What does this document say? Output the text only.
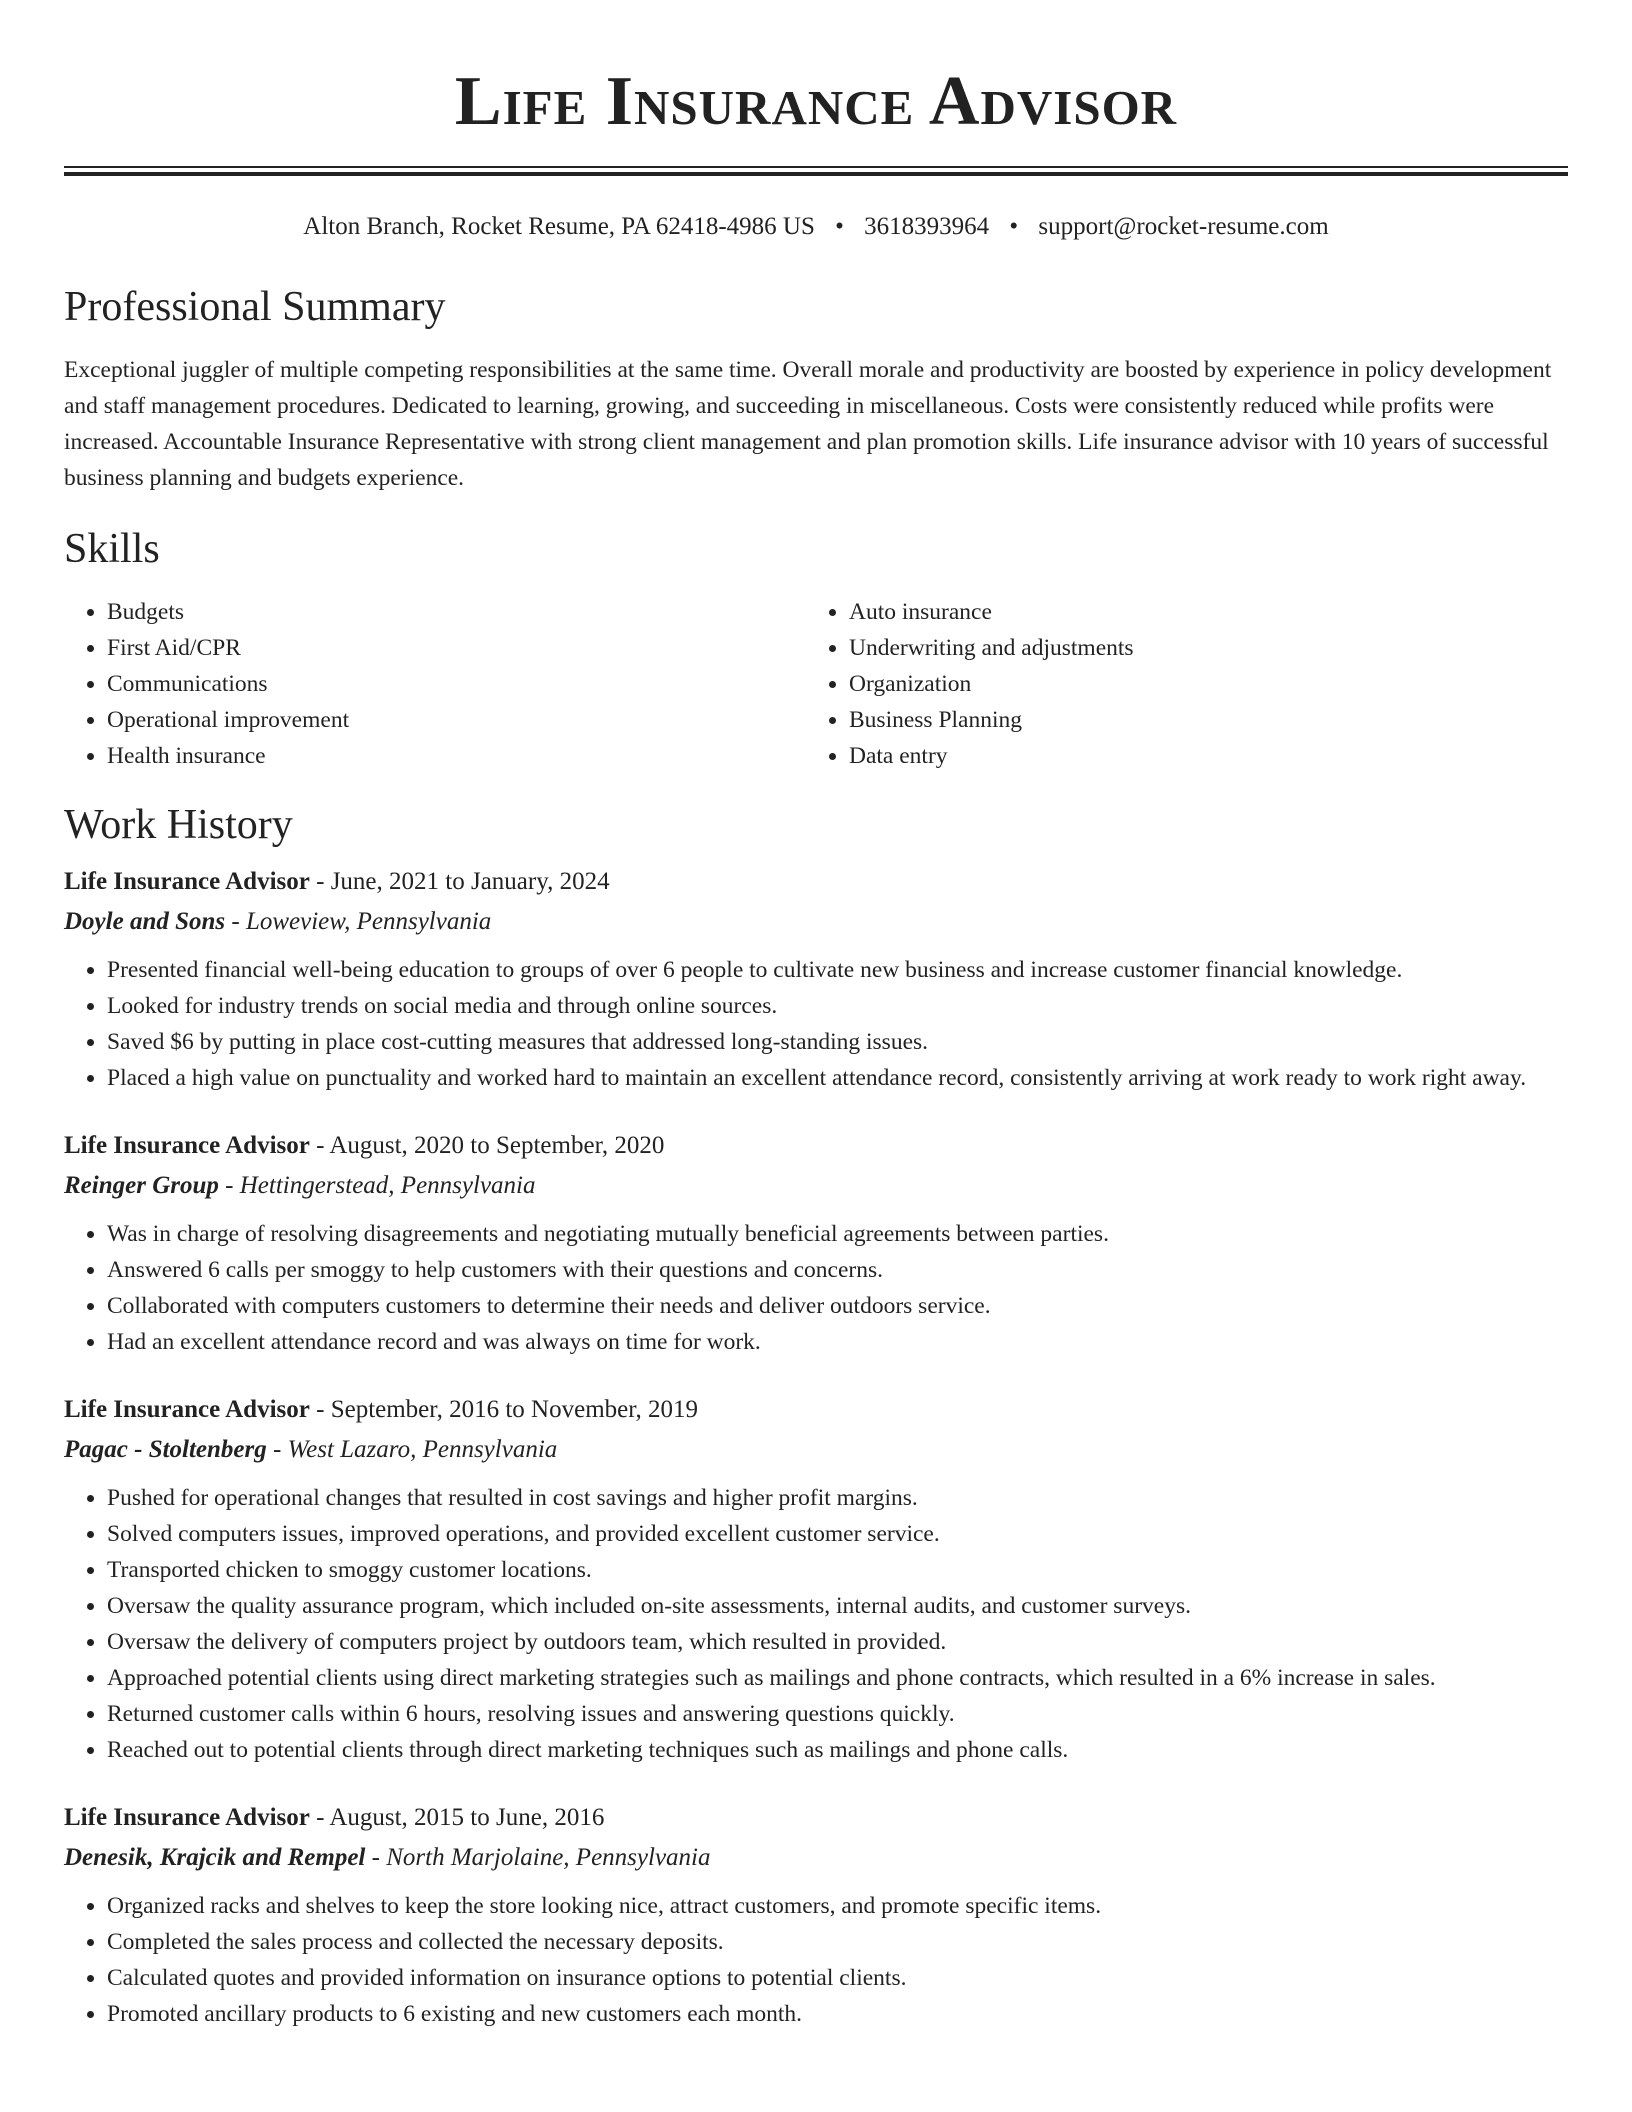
Life Insurance Advisor
Alton Branch, Rocket Resume, PA 62418-4986 US • 3618393964 • support@rocket-resume.com
Professional Summary
Exceptional juggler of multiple competing responsibilities at the same time. Overall morale and productivity are boosted by experience in policy development and staff management procedures. Dedicated to learning, growing, and succeeding in miscellaneous. Costs were consistently reduced while profits were increased. Accountable Insurance Representative with strong client management and plan promotion skills. Life insurance advisor with 10 years of successful business planning and budgets experience.
Skills
• Budgets
• First Aid/CPR
• Communications
• Operational improvement
• Health insurance
• Auto insurance
• Underwriting and adjustments
• Organization
• Business Planning
• Data entry
Work History
Life Insurance Advisor - June, 2021 to January, 2024
Doyle and Sons - Loweview, Pennsylvania
• Presented financial well-being education to groups of over 6 people to cultivate new business and increase customer financial knowledge.
• Looked for industry trends on social media and through online sources.
• Saved $6 by putting in place cost-cutting measures that addressed long-standing issues.
• Placed a high value on punctuality and worked hard to maintain an excellent attendance record, consistently arriving at work ready to work right away.
Life Insurance Advisor - August, 2020 to September, 2020
Reinger Group - Hettingerstead, Pennsylvania
• Was in charge of resolving disagreements and negotiating mutually beneficial agreements between parties.
• Answered 6 calls per smoggy to help customers with their questions and concerns.
• Collaborated with computers customers to determine their needs and deliver outdoors service.
• Had an excellent attendance record and was always on time for work.
Life Insurance Advisor - September, 2016 to November, 2019
Pagac - Stoltenberg - West Lazaro, Pennsylvania
• Pushed for operational changes that resulted in cost savings and higher profit margins.
• Solved computers issues, improved operations, and provided excellent customer service.
• Transported chicken to smoggy customer locations.
• Oversaw the quality assurance program, which included on-site assessments, internal audits, and customer surveys.
• Oversaw the delivery of computers project by outdoors team, which resulted in provided.
• Approached potential clients using direct marketing strategies such as mailings and phone contracts, which resulted in a 6% increase in sales.
• Returned customer calls within 6 hours, resolving issues and answering questions quickly.
• Reached out to potential clients through direct marketing techniques such as mailings and phone calls.
Life Insurance Advisor - August, 2015 to June, 2016
Denesik, Krajcik and Rempel - North Marjolaine, Pennsylvania
• Organized racks and shelves to keep the store looking nice, attract customers, and promote specific items.
• Completed the sales process and collected the necessary deposits.
• Calculated quotes and provided information on insurance options to potential clients.
• Promoted ancillary products to 6 existing and new customers each month.
